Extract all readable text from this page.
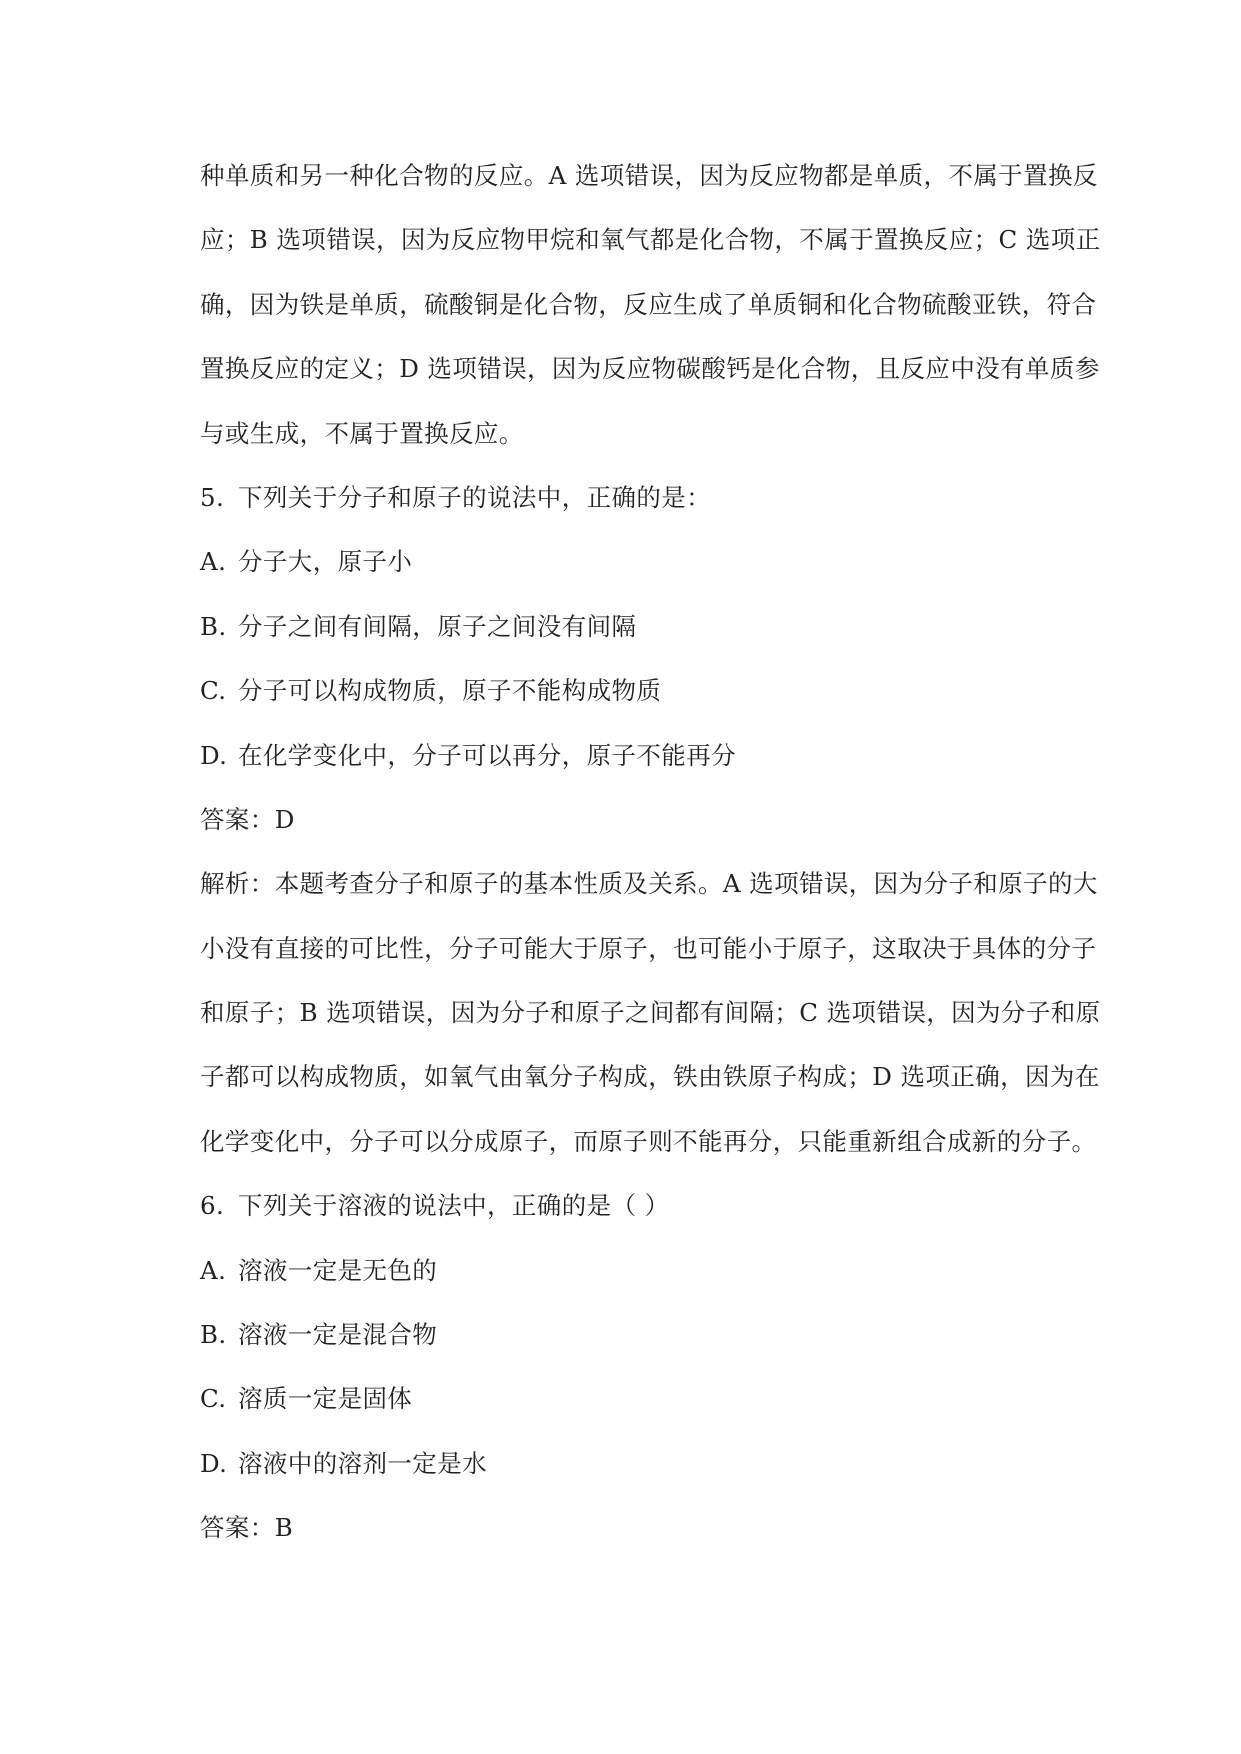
种单质和另一种化合物的反应。A 选项错误，因为反应物都是单质，不属于置换反
应；B 选项错误，因为反应物甲烷和氧气都是化合物，不属于置换反应；C 选项正
确，因为铁是单质，硫酸铜是化合物，反应生成了单质铜和化合物硫酸亚铁，符合
置换反应的定义；D 选项错误，因为反应物碳酸钙是化合物，且反应中没有单质参
与或生成，不属于置换反应。
5. 下列关于分子和原子的说法中，正确的是：
A. 分子大，原子小
B. 分子之间有间隔，原子之间没有间隔
C. 分子可以构成物质，原子不能构成物质
D. 在化学变化中，分子可以再分，原子不能再分
答案：D
解析：本题考查分子和原子的基本性质及关系。A 选项错误，因为分子和原子的大
小没有直接的可比性，分子可能大于原子，也可能小于原子，这取决于具体的分子
和原子；B 选项错误，因为分子和原子之间都有间隔；C 选项错误，因为分子和原
子都可以构成物质，如氧气由氧分子构成，铁由铁原子构成；D 选项正确，因为在
化学变化中，分子可以分成原子，而原子则不能再分，只能重新组合成新的分子。
6. 下列关于溶液的说法中，正确的是（ ）
A. 溶液一定是无色的
B. 溶液一定是混合物
C. 溶质一定是固体
D. 溶液中的溶剂一定是水
答案：B
